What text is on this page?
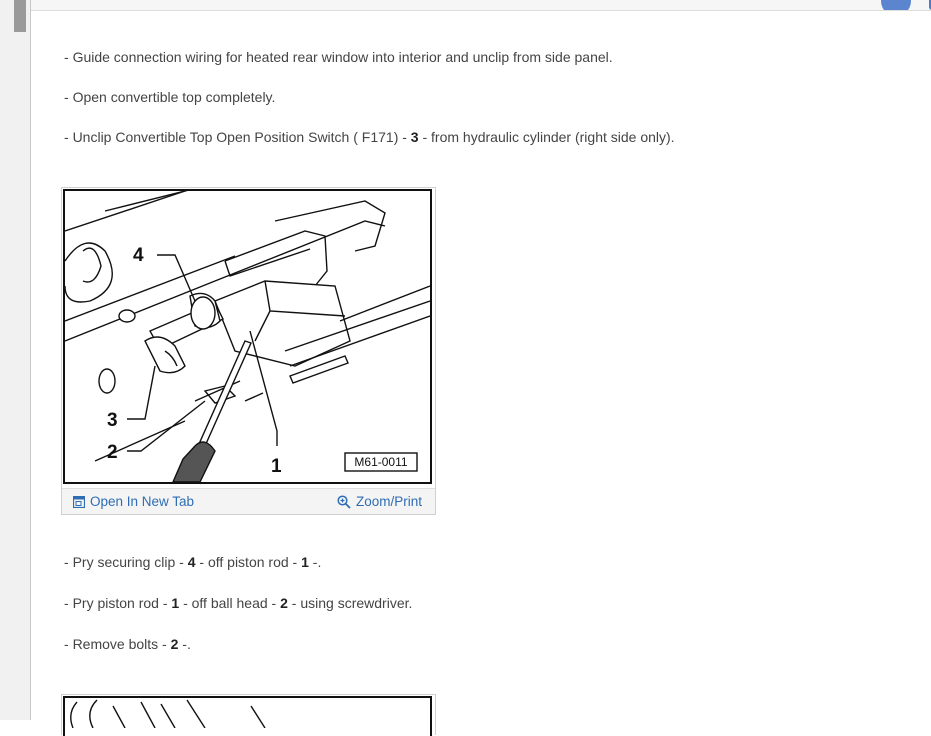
- Guide connection wiring for heated rear window into interior and unclip from side panel.
- Open convertible top completely.
- Unclip Convertible Top Open Position Switch ( F171) - 3 - from hydraulic cylinder (right side only).
4
3
2
1	M61-0011
Open In New Tab	Zoom/Print
- Pry securing clip - 4 - off piston rod - 1 -.
- Pry piston rod - 1 - off ball head - 2 - using screwdriver.
- Remove bolts - 2 -.
